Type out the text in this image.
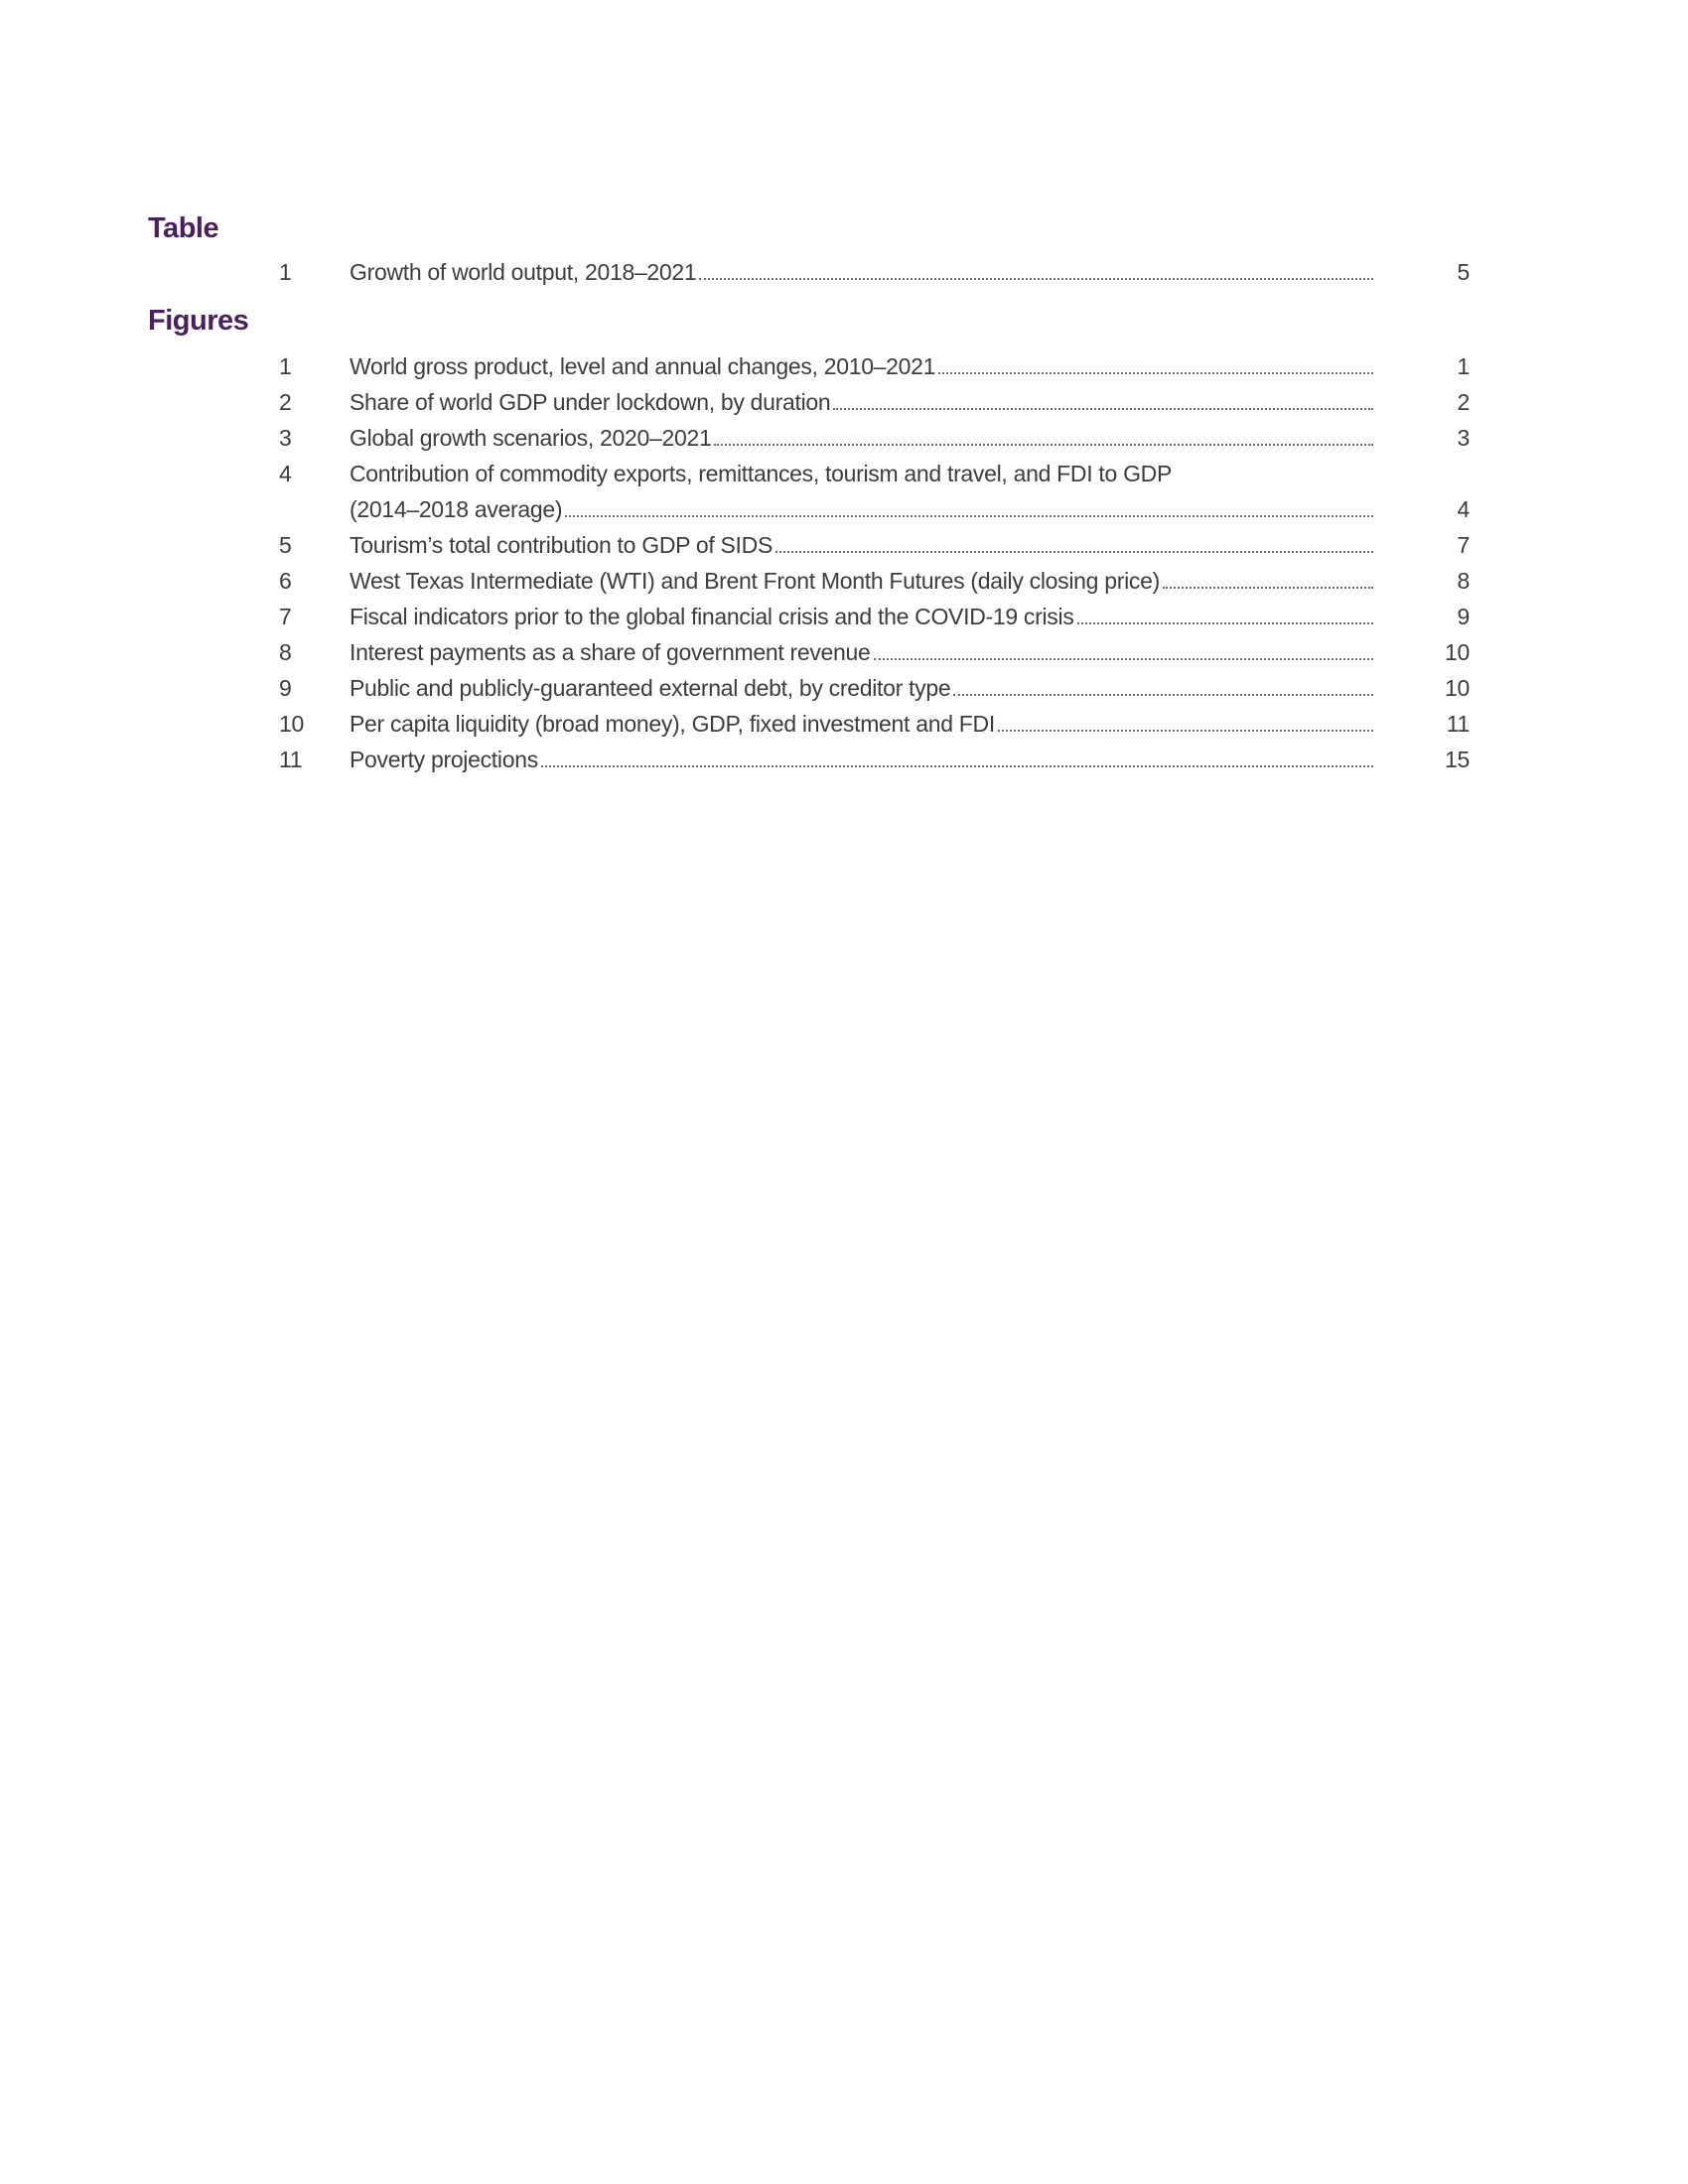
Table
1	Growth of world output, 2018–2021	5
Figures
1	World gross product, level and annual changes, 2010–2021	1
2	Share of world GDP under lockdown, by duration	2
3	Global growth scenarios, 2020–2021	3
4	Contribution of commodity exports, remittances, tourism and travel, and FDI to GDP
(2014–2018 average)	4
5	Tourism’s total contribution to GDP of SIDS	7
6	West Texas Intermediate (WTI) and Brent Front Month Futures (daily closing price)	8
7	Fiscal indicators prior to the global financial crisis and the COVID-19 crisis	9
8	Interest payments as a share of government revenue	10
9	Public and publicly-guaranteed external debt, by creditor type	10
10	Per capita liquidity (broad money), GDP, fixed investment and FDI	11
11	Poverty projections	15
